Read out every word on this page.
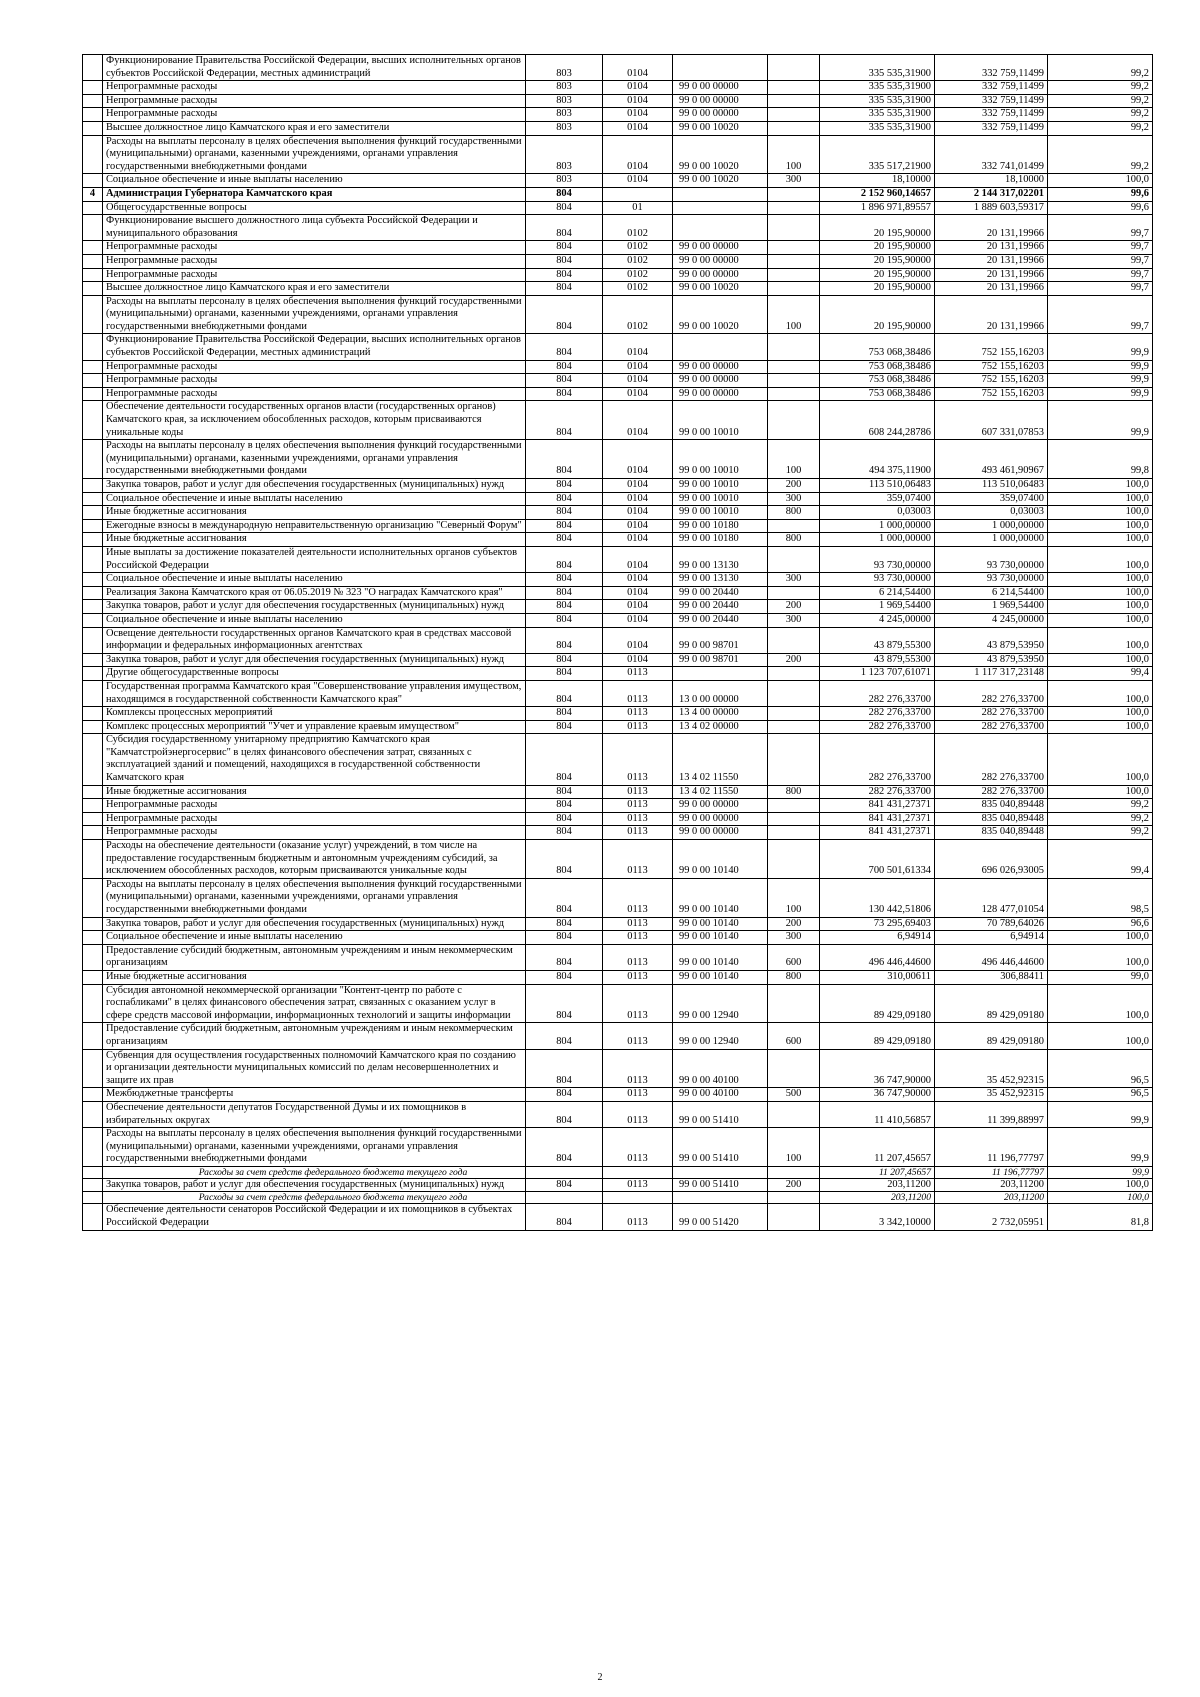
	Функционирование Правительства Российской Федерации, высших исполнительных органов субъектов Российской Федерации, местных администраций	803	0104			335 535,31900	332 759,11499	99,2
	Непрограммные расходы	803	0104	99 0 00 00000		335 535,31900	332 759,11499	99,2
	Непрограммные расходы	803	0104	99 0 00 00000		335 535,31900	332 759,11499	99,2
	Непрограммные расходы	803	0104	99 0 00 00000		335 535,31900	332 759,11499	99,2
	Высшее должностное лицо Камчатского края и его заместители	803	0104	99 0 00 10020		335 535,31900	332 759,11499	99,2
	Расходы на выплаты персоналу в целях обеспечения выполнения функций государственными (муниципальными) органами, казенными учреждениями, органами управления государственными внебюджетными фондами	803	0104	99 0 00 10020	100	335 517,21900	332 741,01499	99,2
	Социальное обеспечение и иные выплаты населению	803	0104	99 0 00 10020	300	18,10000	18,10000	100,0
4	Администрация Губернатора Камчатского края	804				2 152 960,14657	2 144 317,02201	99,6
	Общегосударственные вопросы	804	01			1 896 971,89557	1 889 603,59317	99,6
	Функционирование высшего должностного лица субъекта Российской Федерации и муниципального образования	804	0102			20 195,90000	20 131,19966	99,7
	Непрограммные расходы	804	0102	99 0 00 00000		20 195,90000	20 131,19966	99,7
	Непрограммные расходы	804	0102	99 0 00 00000		20 195,90000	20 131,19966	99,7
	Непрограммные расходы	804	0102	99 0 00 00000		20 195,90000	20 131,19966	99,7
	Высшее должностное лицо Камчатского края и его заместители	804	0102	99 0 00 10020		20 195,90000	20 131,19966	99,7
	Расходы на выплаты персоналу в целях обеспечения выполнения функций государственными (муниципальными) органами, казенными учреждениями, органами управления государственными внебюджетными фондами	804	0102	99 0 00 10020	100	20 195,90000	20 131,19966	99,7
	Функционирование Правительства Российской Федерации, высших исполнительных органов субъектов Российской Федерации, местных администраций	804	0104			753 068,38486	752 155,16203	99,9
	Непрограммные расходы	804	0104	99 0 00 00000		753 068,38486	752 155,16203	99,9
	Непрограммные расходы	804	0104	99 0 00 00000		753 068,38486	752 155,16203	99,9
	Непрограммные расходы	804	0104	99 0 00 00000		753 068,38486	752 155,16203	99,9
	Обеспечение деятельности государственных органов власти (государственных органов) Камчатского края, за исключением обособленных расходов, которым присваиваются уникальные коды	804	0104	99 0 00 10010		608 244,28786	607 331,07853	99,9
	Расходы на выплаты персоналу в целях обеспечения выполнения функций государственными (муниципальными) органами, казенными учреждениями, органами управления государственными внебюджетными фондами	804	0104	99 0 00 10010	100	494 375,11900	493 461,90967	99,8
	Закупка товаров, работ и услуг для обеспечения государственных (муниципальных) нужд	804	0104	99 0 00 10010	200	113 510,06483	113 510,06483	100,0
	Социальное обеспечение и иные выплаты населению	804	0104	99 0 00 10010	300	359,07400	359,07400	100,0
	Иные бюджетные ассигнования	804	0104	99 0 00 10010	800	0,03003	0,03003	100,0
	Ежегодные взносы в международную неправительственную организацию "Северный Форум"	804	0104	99 0 00 10180		1 000,00000	1 000,00000	100,0
	Иные бюджетные ассигнования	804	0104	99 0 00 10180	800	1 000,00000	1 000,00000	100,0
	Иные выплаты за достижение показателей деятельности исполнительных органов субъектов Российской Федерации	804	0104	99 0 00 13130		93 730,00000	93 730,00000	100,0
	Социальное обеспечение и иные выплаты населению	804	0104	99 0 00 13130	300	93 730,00000	93 730,00000	100,0
	Реализация Закона Камчатского края от 06.05.2019 № 323 "О наградах Камчатского края"	804	0104	99 0 00 20440		6 214,54400	6 214,54400	100,0
	Закупка товаров, работ и услуг для обеспечения государственных (муниципальных) нужд	804	0104	99 0 00 20440	200	1 969,54400	1 969,54400	100,0
	Социальное обеспечение и иные выплаты населению	804	0104	99 0 00 20440	300	4 245,00000	4 245,00000	100,0
	Освещение деятельности государственных органов Камчатского края в средствах массовой информации и федеральных информационных агентствах	804	0104	99 0 00 98701		43 879,55300	43 879,53950	100,0
	Закупка товаров, работ и услуг для обеспечения государственных (муниципальных) нужд	804	0104	99 0 00 98701	200	43 879,55300	43 879,53950	100,0
	Другие общегосударственные вопросы	804	0113			1 123 707,61071	1 117 317,23148	99,4
	Государственная программа Камчатского края "Совершенствование управления имуществом, находящимся в государственной собственности Камчатского края"	804	0113	13 0 00 00000		282 276,33700	282 276,33700	100,0
	Комплексы процессных мероприятий	804	0113	13 4 00 00000		282 276,33700	282 276,33700	100,0
	Комплекс процессных мероприятий "Учет и управление краевым имуществом"	804	0113	13 4 02 00000		282 276,33700	282 276,33700	100,0
	Субсидия государственному унитарному предприятию Камчатского края "Камчатстройэнергосервис" в целях финансового обеспечения затрат, связанных с эксплуатацией зданий и помещений, находящихся в государственной собственности Камчатского края	804	0113	13 4 02 11550		282 276,33700	282 276,33700	100,0
	Иные бюджетные ассигнования	804	0113	13 4 02 11550	800	282 276,33700	282 276,33700	100,0
	Непрограммные расходы	804	0113	99 0 00 00000		841 431,27371	835 040,89448	99,2
	Непрограммные расходы	804	0113	99 0 00 00000		841 431,27371	835 040,89448	99,2
	Непрограммные расходы	804	0113	99 0 00 00000		841 431,27371	835 040,89448	99,2
	Расходы на обеспечение деятельности (оказание услуг) учреждений, в том числе на предоставление государственным бюджетным и автономным учреждениям субсидий, за исключением обособленных расходов, которым присваиваются уникальные коды	804	0113	99 0 00 10140		700 501,61334	696 026,93005	99,4
	Расходы на выплаты персоналу в целях обеспечения выполнения функций государственными (муниципальными) органами, казенными учреждениями, органами управления государственными внебюджетными фондами	804	0113	99 0 00 10140	100	130 442,51806	128 477,01054	98,5
	Закупка товаров, работ и услуг для обеспечения государственных (муниципальных) нужд	804	0113	99 0 00 10140	200	73 295,69403	70 789,64026	96,6
	Социальное обеспечение и иные выплаты населению	804	0113	99 0 00 10140	300	6,94914	6,94914	100,0
	Предоставление субсидий бюджетным, автономным учреждениям и иным некоммерческим организациям	804	0113	99 0 00 10140	600	496 446,44600	496 446,44600	100,0
	Иные бюджетные ассигнования	804	0113	99 0 00 10140	800	310,00611	306,88411	99,0
	Субсидия автономной некоммерческой организации "Контент-центр по работе с госпабликами" в целях финансового обеспечения затрат, связанных с оказанием услуг в сфере средств массовой информации, информационных технологий и защиты информации	804	0113	99 0 00 12940		89 429,09180	89 429,09180	100,0
	Предоставление субсидий бюджетным, автономным учреждениям и иным некоммерческим организациям	804	0113	99 0 00 12940	600	89 429,09180	89 429,09180	100,0
	Субвенция для осуществления государственных полномочий Камчатского края по созданию и организации деятельности муниципальных комиссий по делам несовершеннолетних и защите их прав	804	0113	99 0 00 40100		36 747,90000	35 452,92315	96,5
	Межбюджетные трансферты	804	0113	99 0 00 40100	500	36 747,90000	35 452,92315	96,5
	Обеспечение деятельности депутатов Государственной Думы и их помощников в избирательных округах	804	0113	99 0 00 51410		11 410,56857	11 399,88997	99,9
	Расходы на выплаты персоналу в целях обеспечения выполнения функций государственными (муниципальными) органами, казенными учреждениями, органами управления государственными внебюджетными фондами	804	0113	99 0 00 51410	100	11 207,45657	11 196,77797	99,9
	Расходы за счет средств федерального бюджета текущего года					11 207,45657	11 196,77797	99,9
	Закупка товаров, работ и услуг для обеспечения государственных (муниципальных) нужд	804	0113	99 0 00 51410	200	203,11200	203,11200	100,0
	Расходы за счет средств федерального бюджета текущего года					203,11200	203,11200	100,0
	Обеспечение деятельности сенаторов Российской Федерации и их помощников в субъектах Российской Федерации	804	0113	99 0 00 51420		3 342,10000	2 732,05951	81,8
2
